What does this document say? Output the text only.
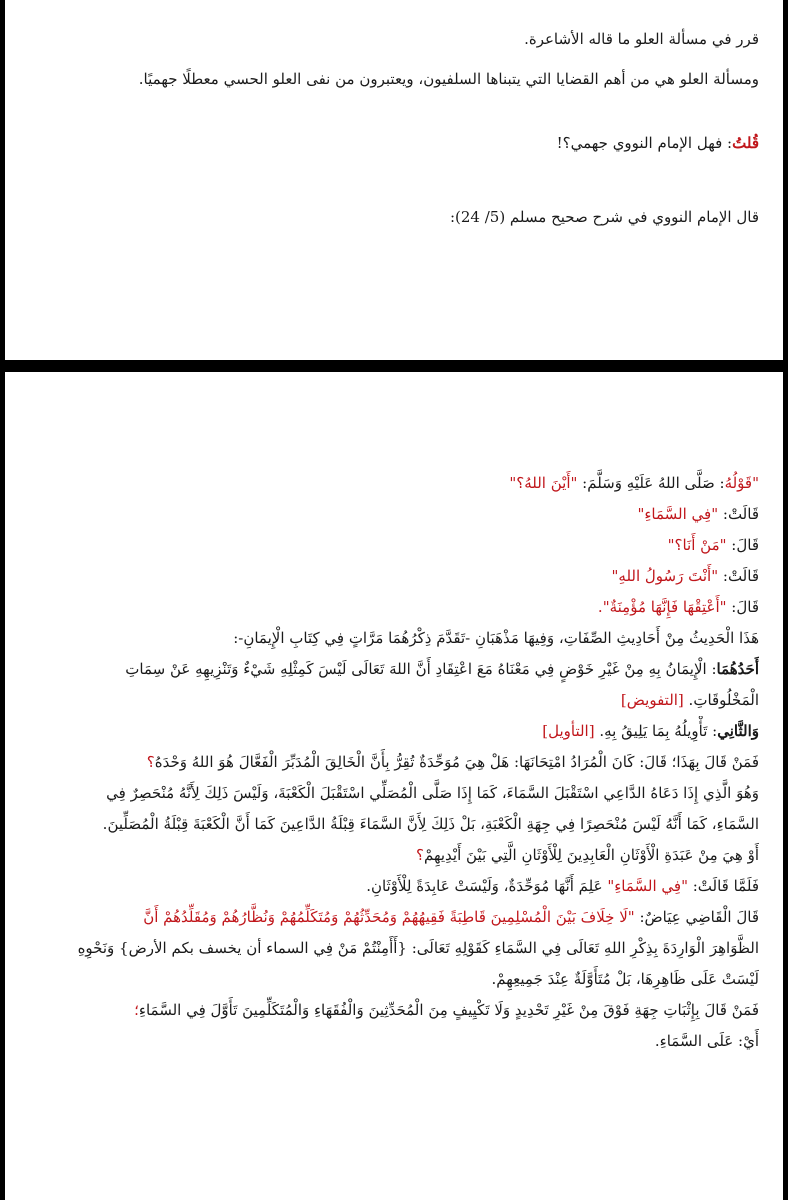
قرر في مسألة العلو ما قاله الأشاعرة.

ومسألة العلو هي من أهم القضايا التي يتبناها السلفيون، ويعتبرون من نفى العلو الحسي معطلًا جهميًا.

قُلتُ: فهل الإمام النووي جهمي؟!

قال الإمام النووي في شرح صحيح مسلم (5/ 24):

"قَوْلُهُ: صَلَّى اللهُ عَلَيْهِ وَسَلَّمَ: "أَيْنَ اللهُ؟"

قَالَتْ: "فِي السَّمَاءِ"

قَالَ: "مَنْ أَنَا؟"

قَالَتْ: "أَنْتَ رَسُولُ اللهِ"

قَالَ: "أَعْتِقْهَا فَإِنَّهَا مُؤْمِنَةٌ".

هَذَا الْحَدِيثُ مِنْ أَحَادِيثِ الصِّفَاتِ، وَفِيهَا مَذْهَبَانِ -تَقَدَّمَ ذِكْرُهُمَا مَرَّاتٍ فِي كِتَابِ الْإِيمَانِ-:

أَحَدُهُمَا: الْإِيمَانُ بِهِ مِنْ غَيْرِ خَوْضٍ فِي مَعْنَاهُ مَعَ اعْتِقَادِ أَنَّ اللهَ تَعَالَى لَيْسَ كَمِثْلِهِ شَيْءٌ وَتَنْزِيهِهِ عَنْ سِمَاتِ

الْمَخْلُوقَاتِ. [التفويض]

وَالثَّانِي: تَأْوِيلُهُ بِمَا يَلِيقُ بِهِ. [التأويل]

فَمَنْ قَالَ بِهَذَا؛ قَالَ: كَانَ الْمُرَادُ امْتِحَانَهَا: هَلْ هِيَ مُوَحِّدَةٌ تُقِرُّ بِأَنَّ الْخَالِقَ الْمُدَبِّرَ الْفَعَّالَ هُوَ اللهُ وَحْدَهُ؟

وَهُوَ الَّذِي إِذَا دَعَاهُ الدَّاعِي اسْتَقْبَلَ السَّمَاءَ، كَمَا إِذَا صَلَّى الْمُصَلِّي اسْتَقْبَلَ الْكَعْبَةَ، وَلَيْسَ ذَلِكَ لِأَنَّهُ مُنْحَصِرٌ فِي

السَّمَاءِ، كَمَا أَنَّهُ لَيْسَ مُنْحَصِرًا فِي جِهَةِ الْكَعْبَةِ، بَلْ ذَلِكَ لِأَنَّ السَّمَاءَ قِبْلَةُ الدَّاعِينَ كَمَا أَنَّ الْكَعْبَةَ قِبْلَةُ الْمُصَلِّينَ.

أَوْ هِيَ مِنْ عَبَدَةِ الْأَوْثَانِ الْعَابِدِينَ لِلْأَوْثَانِ الَّتِي بَيْنَ أَيْدِيهِمْ؟

فَلَمَّا قَالَتْ: "فِي السَّمَاءِ" عَلِمَ أَنَّهَا مُوَحِّدَةٌ، وَلَيْسَتْ عَابِدَةً لِلْأَوْثَانِ.

قَالَ الْقَاضِي عِيَاضٌ: "لَا خِلَافَ بَيْنَ الْمُسْلِمِينَ قَاطِبَةً فَقِيهُهُمْ وَمُحَدِّثُهُمْ وَمُتَكَلِّمُهُمْ وَنُظَّارُهُمْ وَمُقَلِّدُهُمْ أَنَّ

الظَّوَاهِرَ الْوَارِدَةَ بِذِكْرِ اللهِ تَعَالَى فِي السَّمَاءِ كَقَوْلِهِ تَعَالَى: {أَأَمِنْتُمْ مَنْ فِي السماء أن يخسف بكم الأرض} وَنَحْوِهِ

لَيْسَتْ عَلَى ظَاهِرِهَا، بَلْ مُتَأَوَّلَةٌ عِنْدَ جَمِيعِهِمْ.

فَمَنْ قَالَ بِإِثْبَاتِ جِهَةِ فَوْقَ مِنْ غَيْرِ تَحْدِيدٍ وَلَا تَكْيِيفٍ مِنَ الْمُحَدِّثِينَ وَالْفُقَهَاءِ وَالْمُتَكَلِّمِينَ تَأَوَّلَ فِي السَّمَاءِ؛

أَيْ: عَلَى السَّمَاءِ.
